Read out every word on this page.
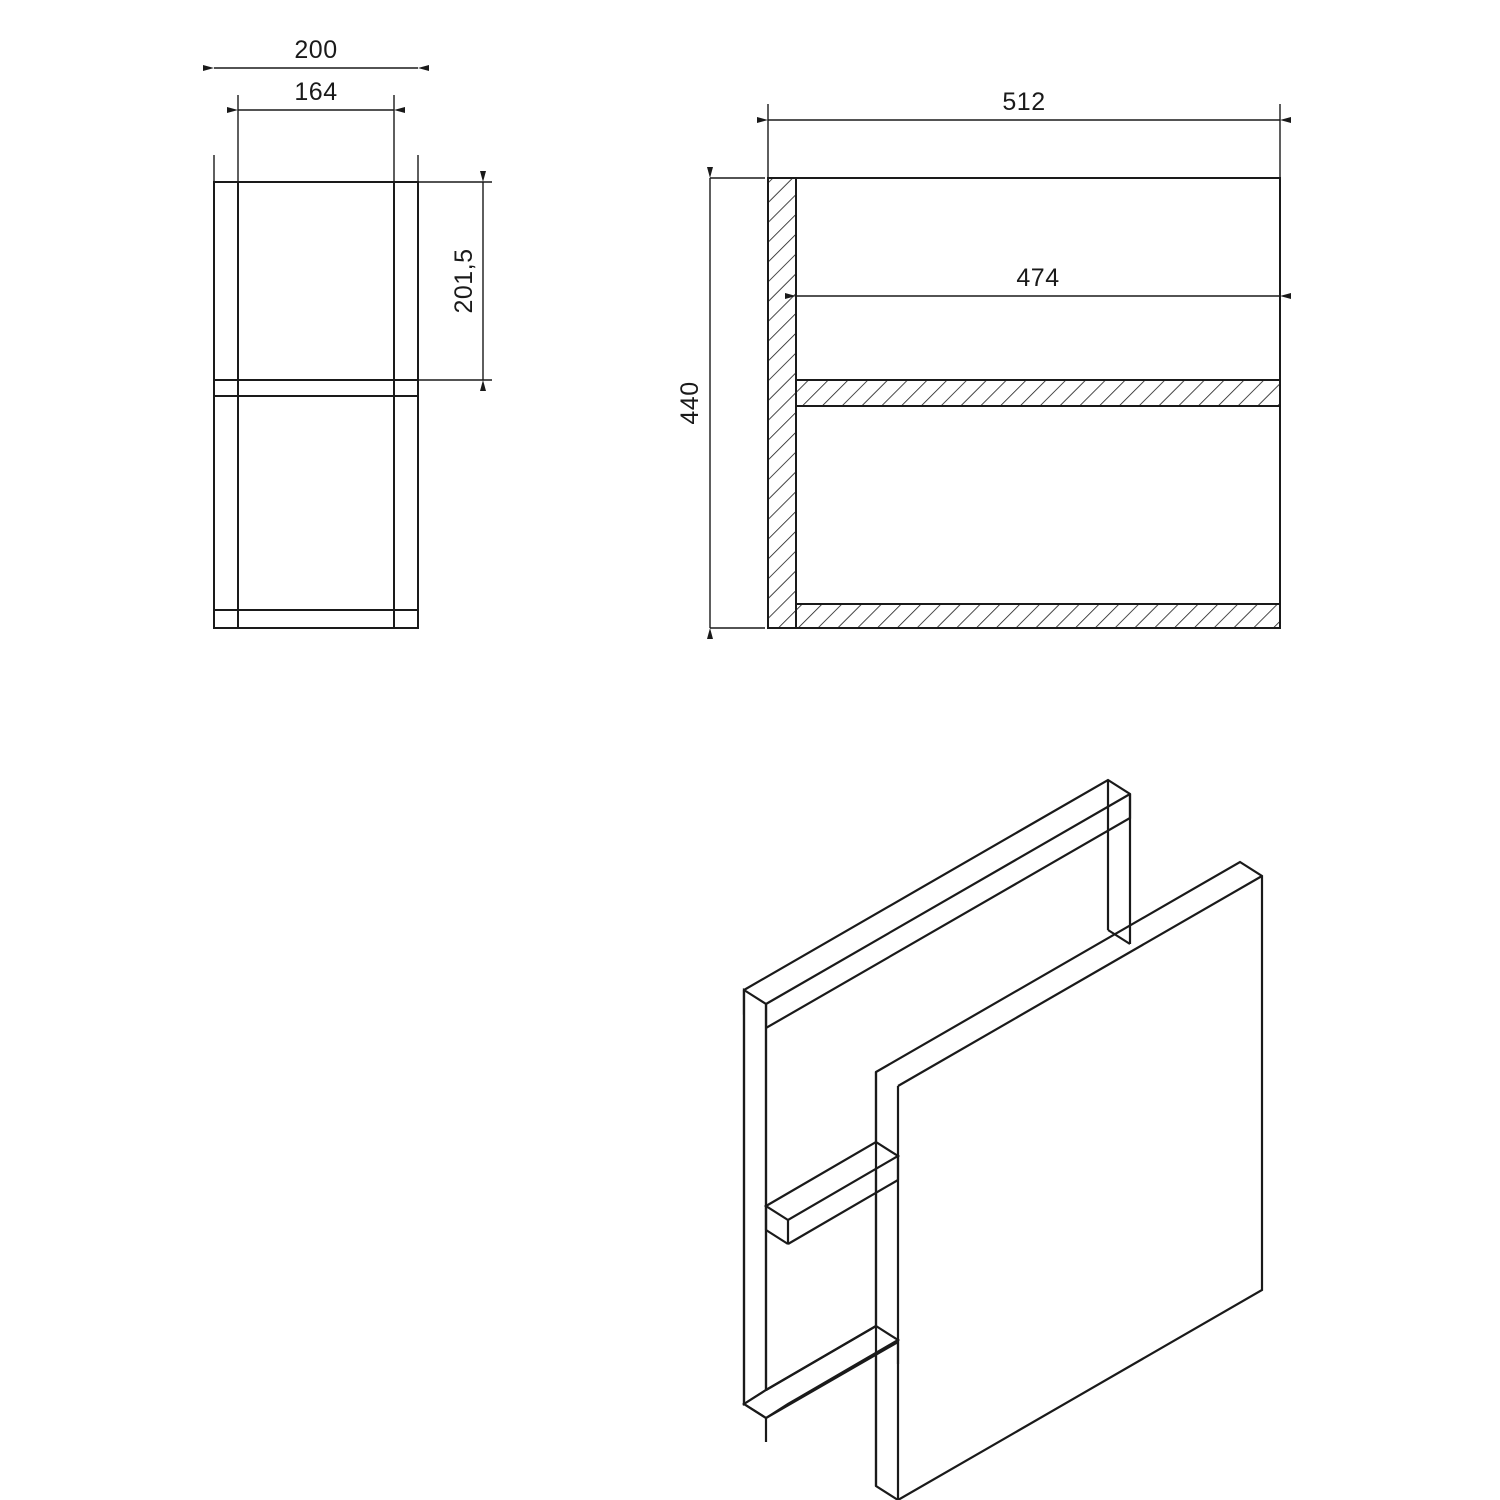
200
164
201,5
512
440
474
